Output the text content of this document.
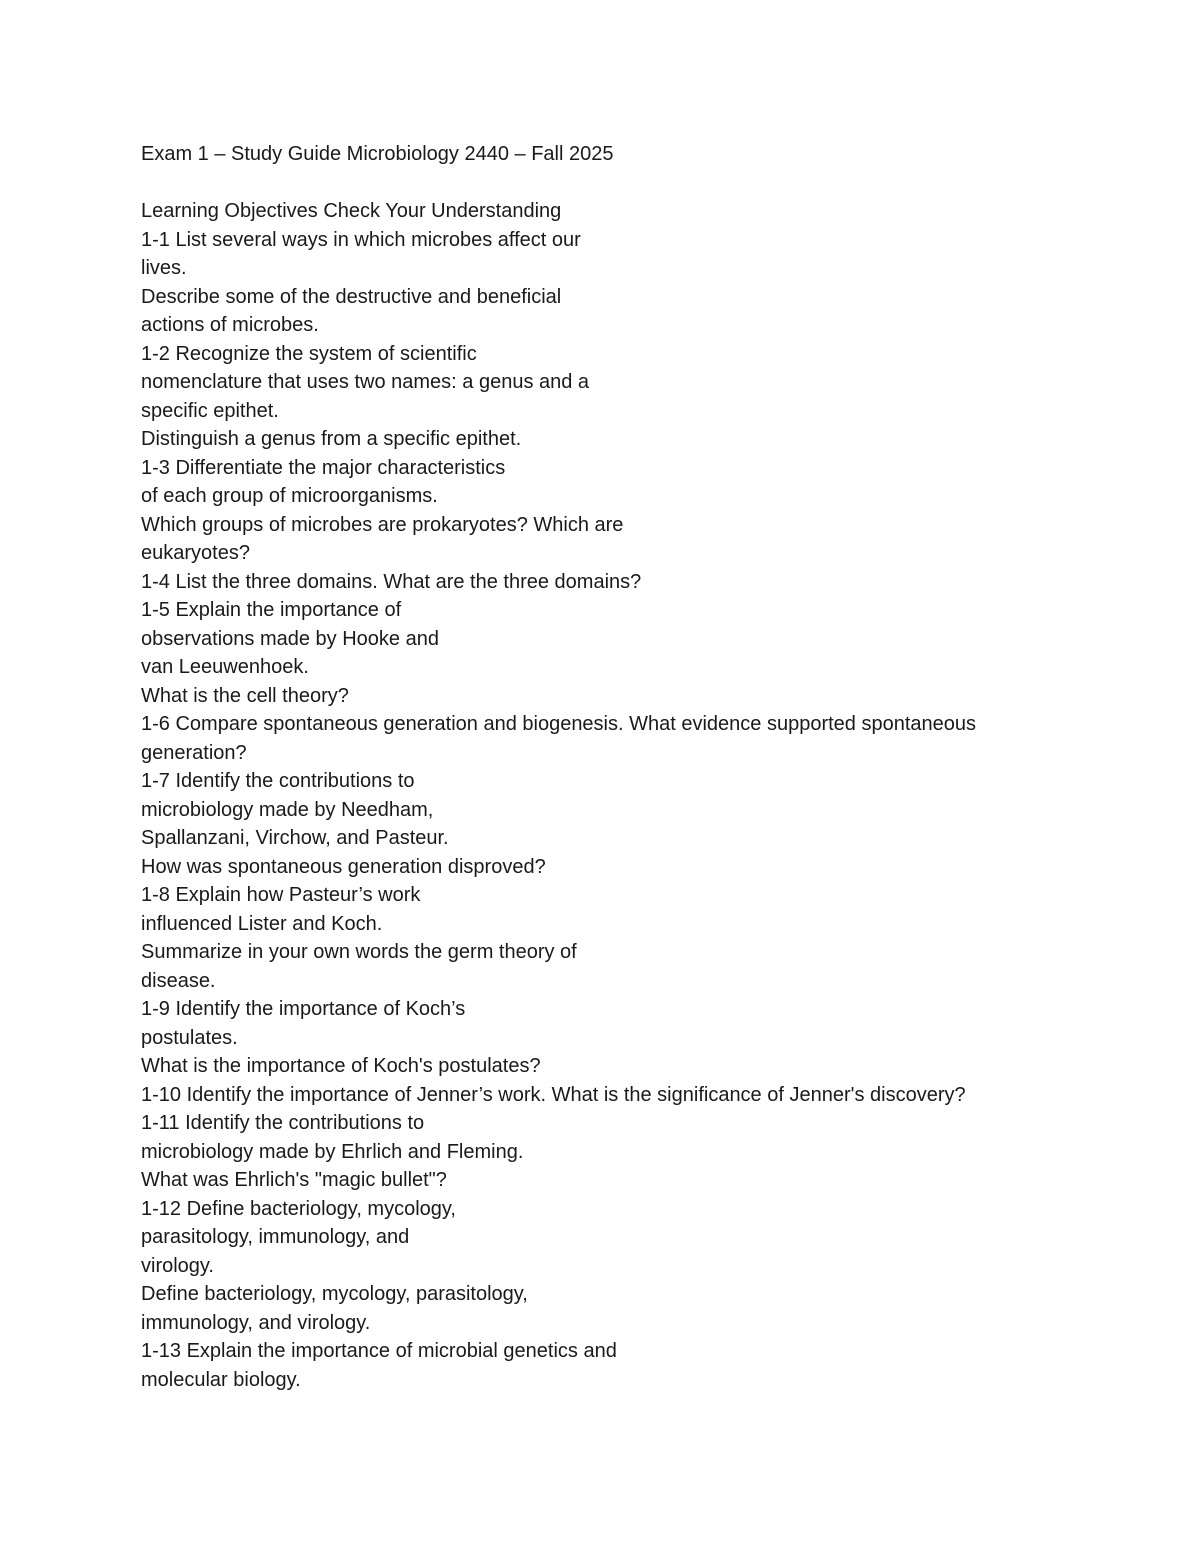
Exam 1 – Study Guide Microbiology 2440 – Fall 2025
Learning Objectives Check Your Understanding
1-1 List several ways in which microbes affect our
lives.
Describe some of the destructive and beneficial
actions of microbes.
1-2 Recognize the system of scientific
nomenclature that uses two names: a genus and a
specific epithet.
Distinguish a genus from a specific epithet.
1-3 Differentiate the major characteristics
of each group of microorganisms.
Which groups of microbes are prokaryotes? Which are
eukaryotes?
1-4 List the three domains. What are the three domains?
1-5 Explain the importance of
observations made by Hooke and
van Leeuwenhoek.
What is the cell theory?
1-6 Compare spontaneous generation and biogenesis. What evidence supported spontaneous
generation?
1-7 Identify the contributions to
microbiology made by Needham,
Spallanzani, Virchow, and Pasteur.
How was spontaneous generation disproved?
1-8 Explain how Pasteur’s work
influenced Lister and Koch.
Summarize in your own words the germ theory of
disease.
1-9 Identify the importance of Koch’s
postulates.
What is the importance of Koch's postulates?
1-10 Identify the importance of Jenner’s work. What is the significance of Jenner's discovery?
1-11 Identify the contributions to
microbiology made by Ehrlich and Fleming.
What was Ehrlich's "magic bullet"?
1-12 Define bacteriology, mycology,
parasitology, immunology, and
virology.
Define bacteriology, mycology, parasitology,
immunology, and virology.
1-13 Explain the importance of microbial genetics and
molecular biology.
